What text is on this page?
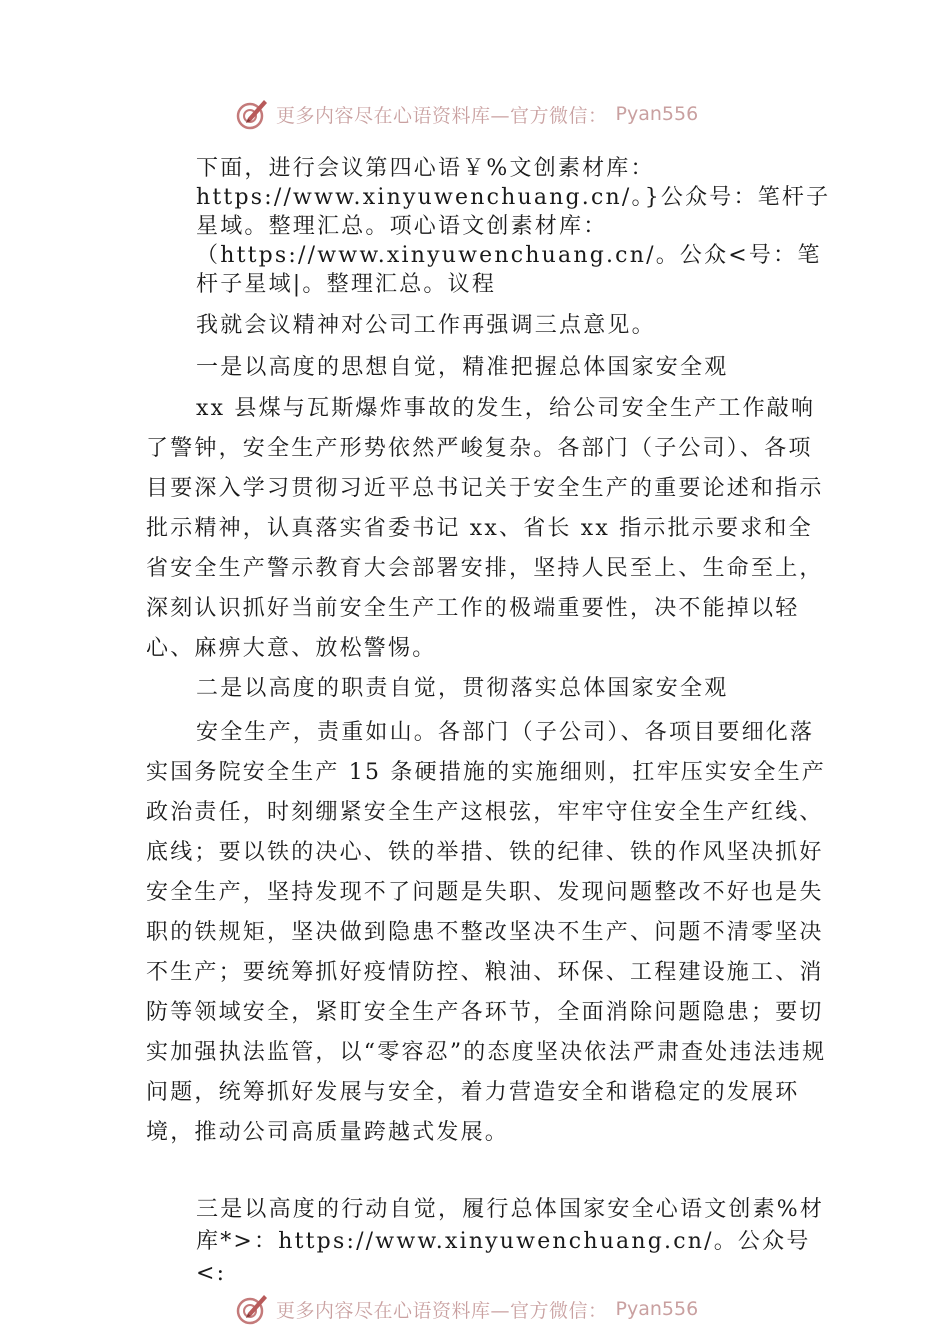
更多内容尽在心语资料库—官方微信： Pyan556

下面，进行会议第四心语￥%文创素材库：https://www.xinyuwenchuang.cn/。}公众号：笔杆子星域。整理汇总。项心语文创素材库：（https://www.xinyuwenchuang.cn/。公众<号：笔杆子星域|。整理汇总。议程

我就会议精神对公司工作再强调三点意见。

一是以高度的思想自觉，精准把握总体国家安全观

xx 县煤与瓦斯爆炸事故的发生，给公司安全生产工作敲响了警钟，安全生产形势依然严峻复杂。各部门（子公司）、各项目要深入学习贯彻习近平总书记关于安全生产的重要论述和指示批示精神，认真落实省委书记 xx、省长 xx 指示批示要求和全省安全生产警示教育大会部署安排，坚持人民至上、生命至上，深刻认识抓好当前安全生产工作的极端重要性，决不能掉以轻心、麻痹大意、放松警惕。

二是以高度的职责自觉，贯彻落实总体国家安全观

安全生产，责重如山。各部门（子公司）、各项目要细化落实国务院安全生产 15 条硬措施的实施细则，扛牢压实安全生产政治责任，时刻绷紧安全生产这根弦，牢牢守住安全生产红线、底线；要以铁的决心、铁的举措、铁的纪律、铁的作风坚决抓好安全生产，坚持发现不了问题是失职、发现问题整改不好也是失职的铁规矩，坚决做到隐患不整改坚决不生产、问题不清零坚决不生产；要统筹抓好疫情防控、粮油、环保、工程建设施工、消防等领域安全，紧盯安全生产各环节，全面消除问题隐患；要切实加强执法监管，以“零容忍”的态度坚决依法严肃查处违法违规问题，统筹抓好发展与安全，着力营造安全和谐稳定的发展环境，推动公司高质量跨越式发展。

三是以高度的行动自觉，履行总体国家安全心语文创素%材库*>：https://www.xinyuwenchuang.cn/。公众号<:

更多内容尽在心语资料库—官方微信： Pyan556
